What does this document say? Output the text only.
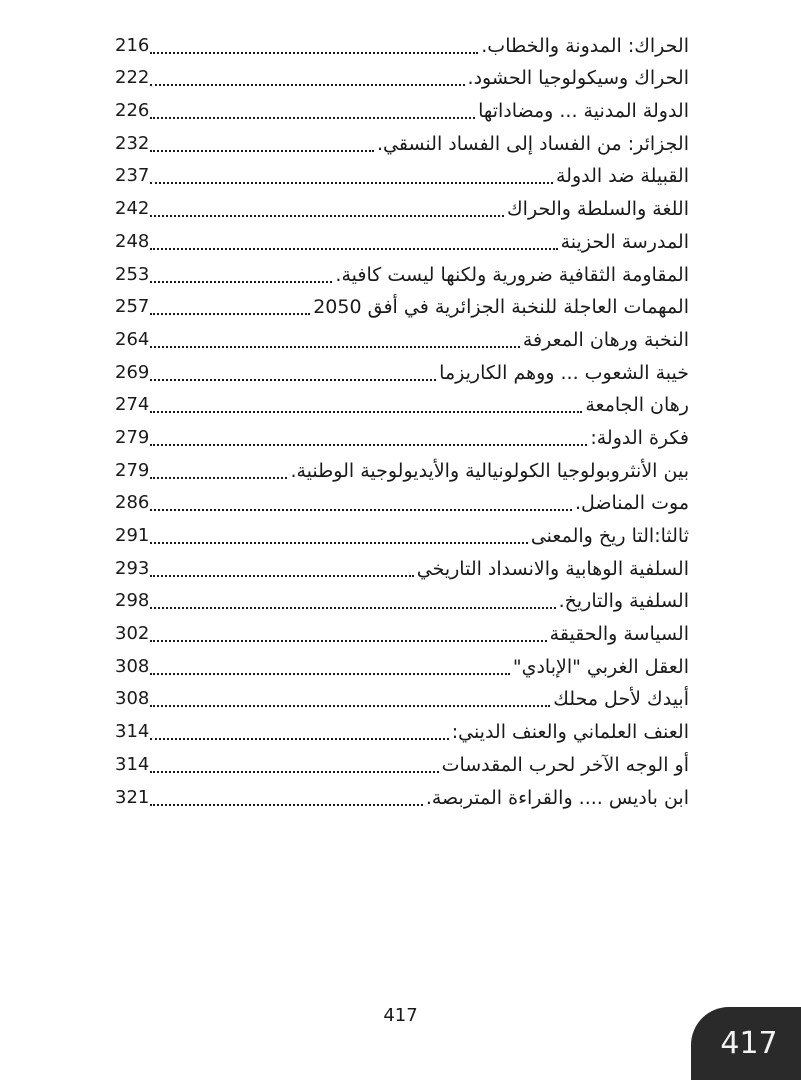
الحراك: المدونة والخطاب.
216
الحراك وسيكولوجيا الحشود.
222
الدولة المدنية ... ومضاداتها
226
الجزائر: من الفساد إلى الفساد النسقي.
232
القبيلة ضد الدولة
237
اللغة والسلطة والحراك
242
المدرسة الحزينة
248
المقاومة الثقافية ضرورية ولكنها ليست كافية.
253
المهمات العاجلة للنخبة الجزائرية في أفق 2050
257
النخبة ورهان المعرفة
264
خيبة الشعوب ... ووهم الكاريزما
269
رهان الجامعة
274
فكرة الدولة:
279
بين الأنثروبولوجيا الكولونيالية والأيديولوجية الوطنية.
279
موت المناضل.
286
ثالثا:التا ريخ والمعنى
291
السلفية الوهابية والانسداد التاريخي
293
السلفية والتاريخ.
298
السياسة والحقيقة
302
العقل الغربي "الإبادي"
308
أبيدك لأحل محلك
308
العنف العلماني والعنف الديني:
314
أو الوجه الآخر لحرب المقدسات
314
ابن باديس .... والقراءة المتربصة.
321
417
417
